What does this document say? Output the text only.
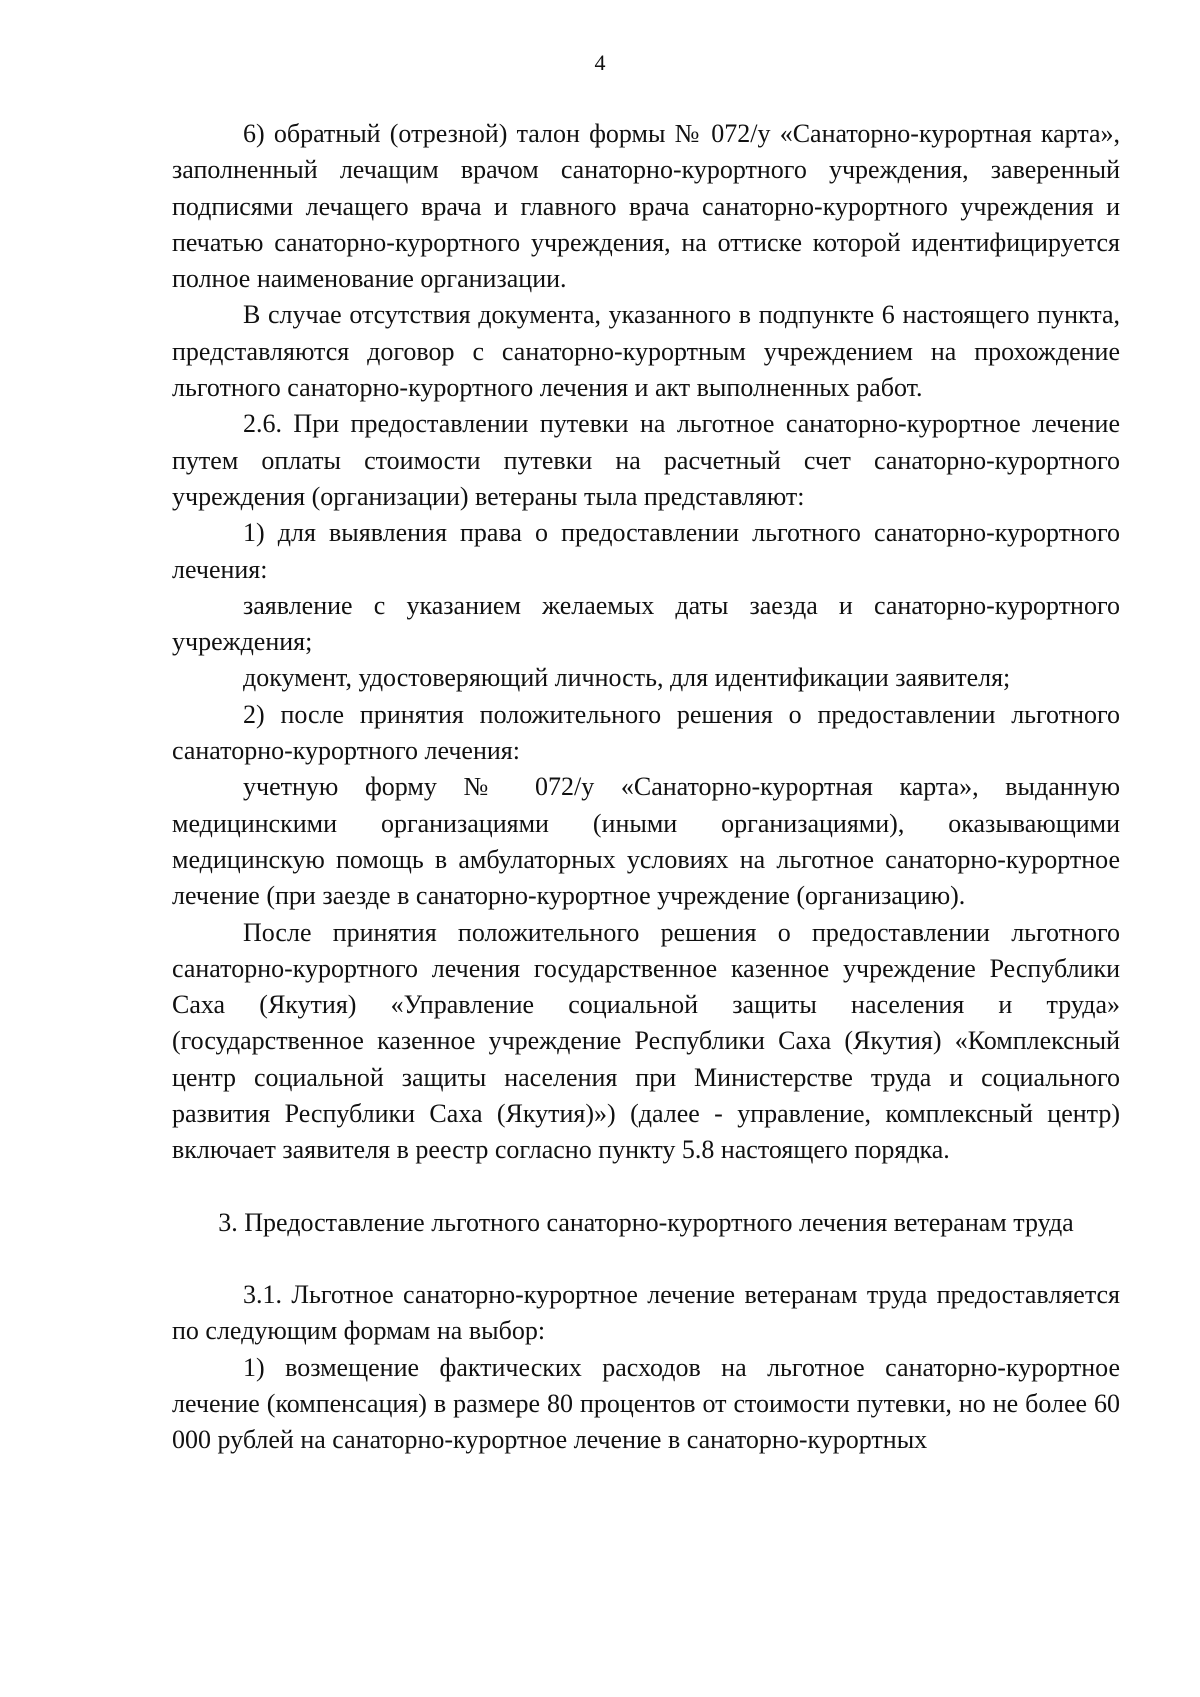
4

6) обратный (отрезной) талон формы № 072/у «Санаторно-курортная карта», заполненный лечащим врачом санаторно-курортного учреждения, заверенный подписями лечащего врача и главного врача санаторно-курортного учреждения и печатью санаторно-курортного учреждения, на оттиске которой идентифицируется полное наименование организации.

В случае отсутствия документа, указанного в подпункте 6 настоящего пункта, представляются договор с санаторно-курортным учреждением на прохождение льготного санаторно-курортного лечения и акт выполненных работ.

2.6. При предоставлении путевки на льготное санаторно-курортное лечение путем оплаты стоимости путевки на расчетный счет санаторно-курортного учреждения (организации) ветераны тыла представляют:

1) для выявления права о предоставлении льготного санаторно-курортного лечения:

заявление с указанием желаемых даты заезда и санаторно-курортного учреждения;

документ, удостоверяющий личность, для идентификации заявителя;

2) после принятия положительного решения о предоставлении льготного санаторно-курортного лечения:

учетную форму № 072/у «Санаторно-курортная карта», выданную медицинскими организациями (иными организациями), оказывающими медицинскую помощь в амбулаторных условиях на льготное санаторно-курортное лечение (при заезде в санаторно-курортное учреждение (организацию).

После принятия положительного решения о предоставлении льготного санаторно-курортного лечения государственное казенное учреждение Республики Саха (Якутия) «Управление социальной защиты населения и труда» (государственное казенное учреждение Республики Саха (Якутия) «Комплексный центр социальной защиты населения при Министерстве труда и социального развития Республики Саха (Якутия)») (далее - управление, комплексный центр) включает заявителя в реестр согласно пункту 5.8 настоящего порядка.

3. Предоставление льготного санаторно-курортного лечения ветеранам труда

3.1. Льготное санаторно-курортное лечение ветеранам труда предоставляется по следующим формам на выбор:

1) возмещение фактических расходов на льготное санаторно-курортное лечение (компенсация) в размере 80 процентов от стоимости путевки, но не более 60 000 рублей на санаторно-курортное лечение в санаторно-курортных
